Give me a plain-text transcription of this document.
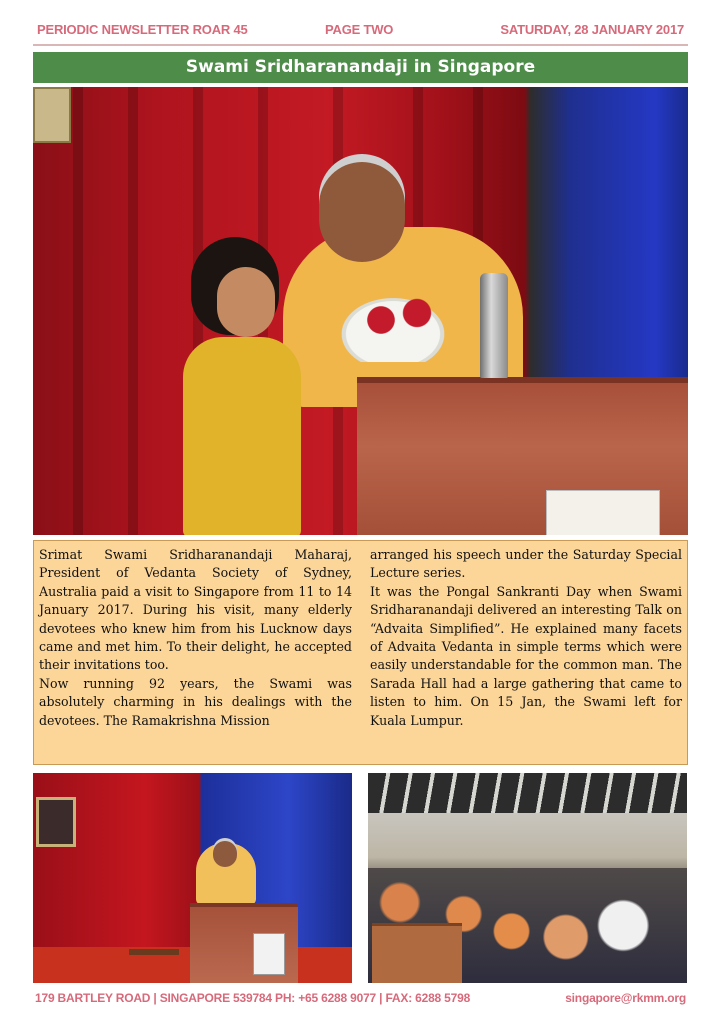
PERIODIC NEWSLETTER ROAR 45	PAGE TWO	SATURDAY, 28 JANUARY 2017
Swami Sridharanandaji in Singapore

Srimat Swami Sridharanandaji Maharaj, President of Vedanta Society of Sydney, Australia paid a visit to Singapore from 11 to 14 January 2017. During his visit, many elderly devotees who knew him from his Lucknow days came and met him. To their delight, he accepted their invitations too.

Now running 92 years, the Swami was absolutely charming in his dealings with the devotees. The Ramakrishna Mission

arranged his speech under the Saturday Special Lecture series.

It was the Pongal Sankranti Day when Swami Sridharanandaji delivered an interesting Talk on “Advaita Simplified”. He explained many facets of Advaita Vedanta in simple terms which were easily understandable for the common man. The Sarada Hall had a large gathering that came to listen to him. On 15 Jan, the Swami left for Kuala Lumpur.

179 BARTLEY ROAD | SINGAPORE 539784 PH: +65 6288 9077 | FAX: 6288 5798	singapore@rkmm.org
